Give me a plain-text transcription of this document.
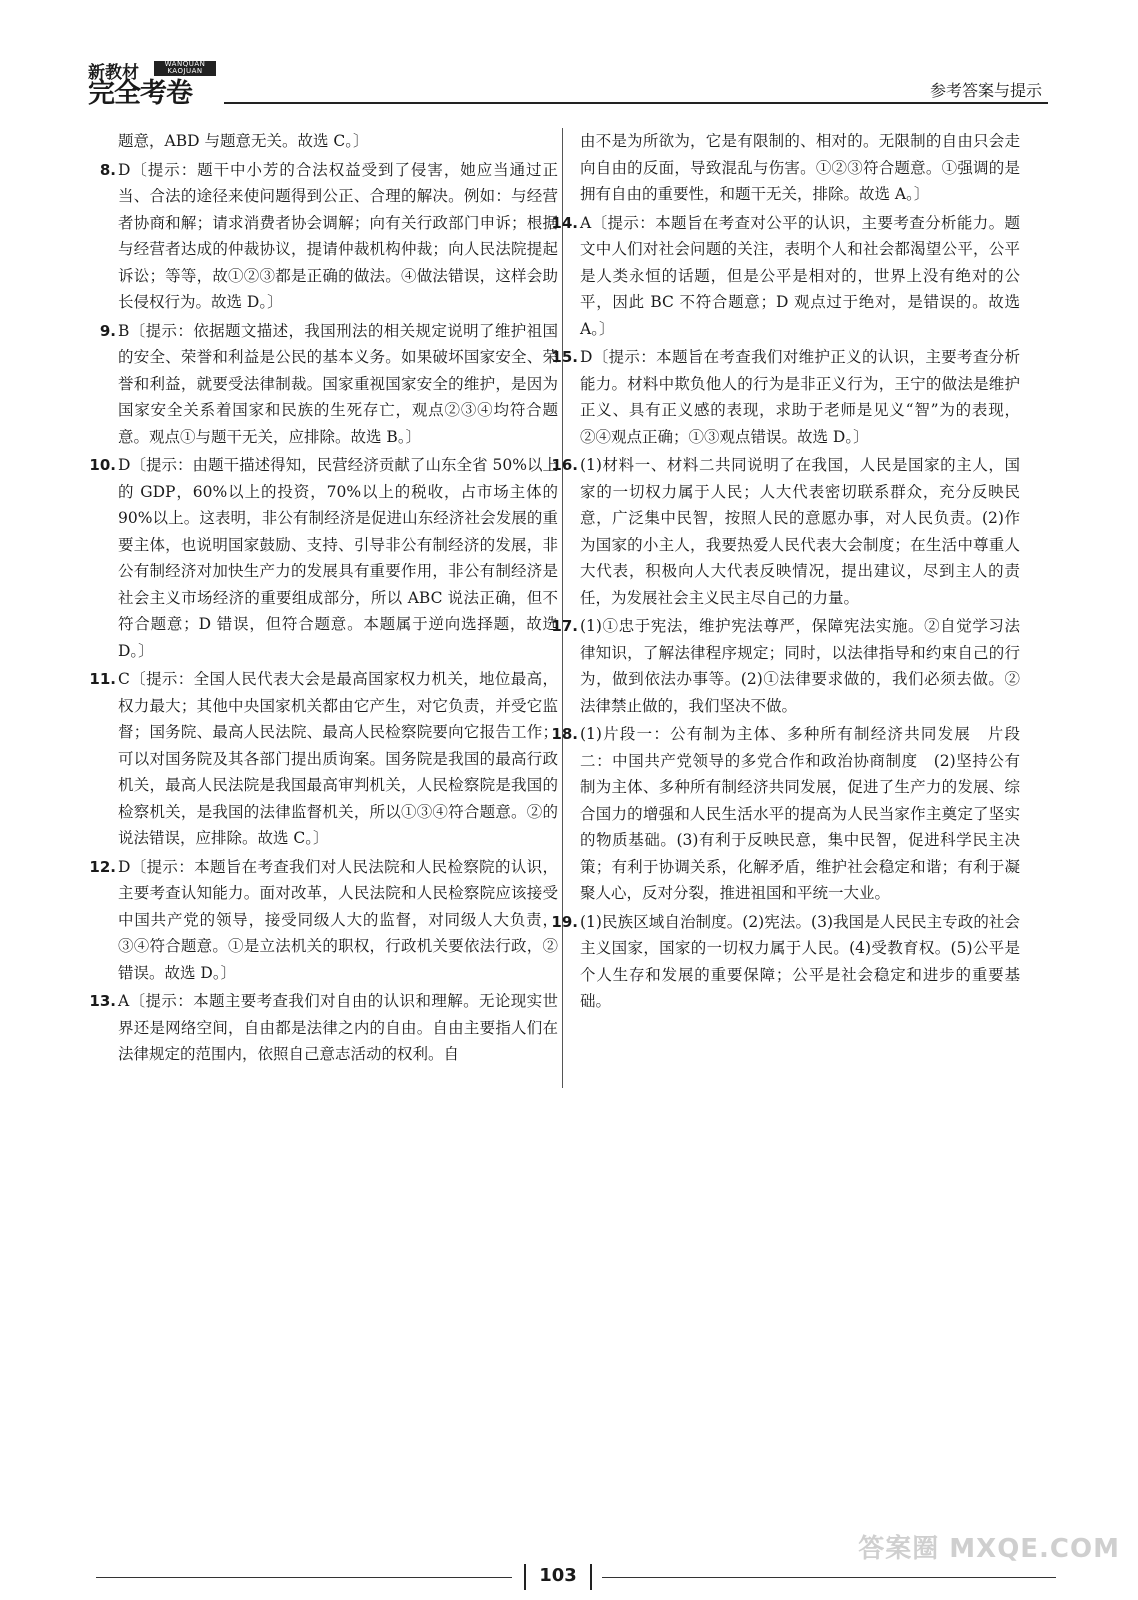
新教材	WANQUAN KAOJUAN
完全考卷	参考答案与提示

题意，ABD 与题意无关。故选 C。〕

8. D〔提示：题干中小芳的合法权益受到了侵害，她应当通过正当、合法的途径来使问题得到公正、合理的解决。例如：与经营者协商和解；请求消费者协会调解；向有关行政部门申诉；根据与经营者达成的仲裁协议，提请仲裁机构仲裁；向人民法院提起诉讼；等等，故①②③都是正确的做法。④做法错误，这样会助长侵权行为。故选 D。〕
9. B〔提示：依据题文描述，我国刑法的相关规定说明了维护祖国的安全、荣誉和利益是公民的基本义务。如果破坏国家安全、荣誉和利益，就要受法律制裁。国家重视国家安全的维护，是因为国家安全关系着国家和民族的生死存亡，观点②③④均符合题意。观点①与题干无关，应排除。故选 B。〕
10. D〔提示：由题干描述得知，民营经济贡献了山东全省 50%以上的 GDP，60%以上的投资，70%以上的税收，占市场主体的 90%以上。这表明，非公有制经济是促进山东经济社会发展的重要主体，也说明国家鼓励、支持、引导非公有制经济的发展，非公有制经济对加快生产力的发展具有重要作用，非公有制经济是社会主义市场经济的重要组成部分，所以 ABC 说法正确，但不符合题意；D 错误，但符合题意。本题属于逆向选择题，故选 D。〕
11. C〔提示：全国人民代表大会是最高国家权力机关，地位最高，权力最大；其他中央国家机关都由它产生，对它负责，并受它监督；国务院、最高人民法院、最高人民检察院要向它报告工作；可以对国务院及其各部门提出质询案。国务院是我国的最高行政机关，最高人民法院是我国最高审判机关，人民检察院是我国的检察机关，是我国的法律监督机关，所以①③④符合题意。②的说法错误，应排除。故选 C。〕
12. D〔提示：本题旨在考查我们对人民法院和人民检察院的认识，主要考查认知能力。面对改革，人民法院和人民检察院应该接受中国共产党的领导，接受同级人大的监督，对同级人大负责，③④符合题意。①是立法机关的职权，行政机关要依法行政，②错误。故选 D。〕
13. A〔提示：本题主要考查我们对自由的认识和理解。无论现实世界还是网络空间，自由都是法律之内的自由。自由主要指人们在法律规定的范围内，依照自己意志活动的权利。自

由不是为所欲为，它是有限制的、相对的。无限制的自由只会走向自由的反面，导致混乱与伤害。①②③符合题意。①强调的是拥有自由的重要性，和题干无关，排除。故选 A。〕

14. A〔提示：本题旨在考查对公平的认识，主要考查分析能力。题文中人们对社会问题的关注，表明个人和社会都渴望公平，公平是人类永恒的话题，但是公平是相对的，世界上没有绝对的公平，因此 BC 不符合题意；D 观点过于绝对，是错误的。故选 A。〕
15. D〔提示：本题旨在考查我们对维护正义的认识，主要考查分析能力。材料中欺负他人的行为是非正义行为，王宁的做法是维护正义、具有正义感的表现，求助于老师是见义“智”为的表现，②④观点正确；①③观点错误。故选 D。〕
16. (1)材料一、材料二共同说明了在我国，人民是国家的主人，国家的一切权力属于人民；人大代表密切联系群众，充分反映民意，广泛集中民智，按照人民的意愿办事，对人民负责。(2)作为国家的小主人，我要热爱人民代表大会制度；在生活中尊重人大代表，积极向人大代表反映情况，提出建议，尽到主人的责任，为发展社会主义民主尽自己的力量。
17. (1)①忠于宪法，维护宪法尊严，保障宪法实施。②自觉学习法律知识，了解法律程序规定；同时，以法律指导和约束自己的行为，做到依法办事等。(2)①法律要求做的，我们必须去做。②法律禁止做的，我们坚决不做。
18. (1)片段一：公有制为主体、多种所有制经济共同发展　片段二：中国共产党领导的多党合作和政治协商制度　(2)坚持公有制为主体、多种所有制经济共同发展，促进了生产力的发展、综合国力的增强和人民生活水平的提高为人民当家作主奠定了坚实的物质基础。(3)有利于反映民意，集中民智，促进科学民主决策；有利于协调关系，化解矛盾，维护社会稳定和谐；有利于凝聚人心，反对分裂，推进祖国和平统一大业。
19. (1)民族区域自治制度。(2)宪法。(3)我国是人民民主专政的社会主义国家，国家的一切权力属于人民。(4)受教育权。(5)公平是个人生存和发展的重要保障；公平是社会稳定和进步的重要基础。
103
答案圈 MXQE.COM
